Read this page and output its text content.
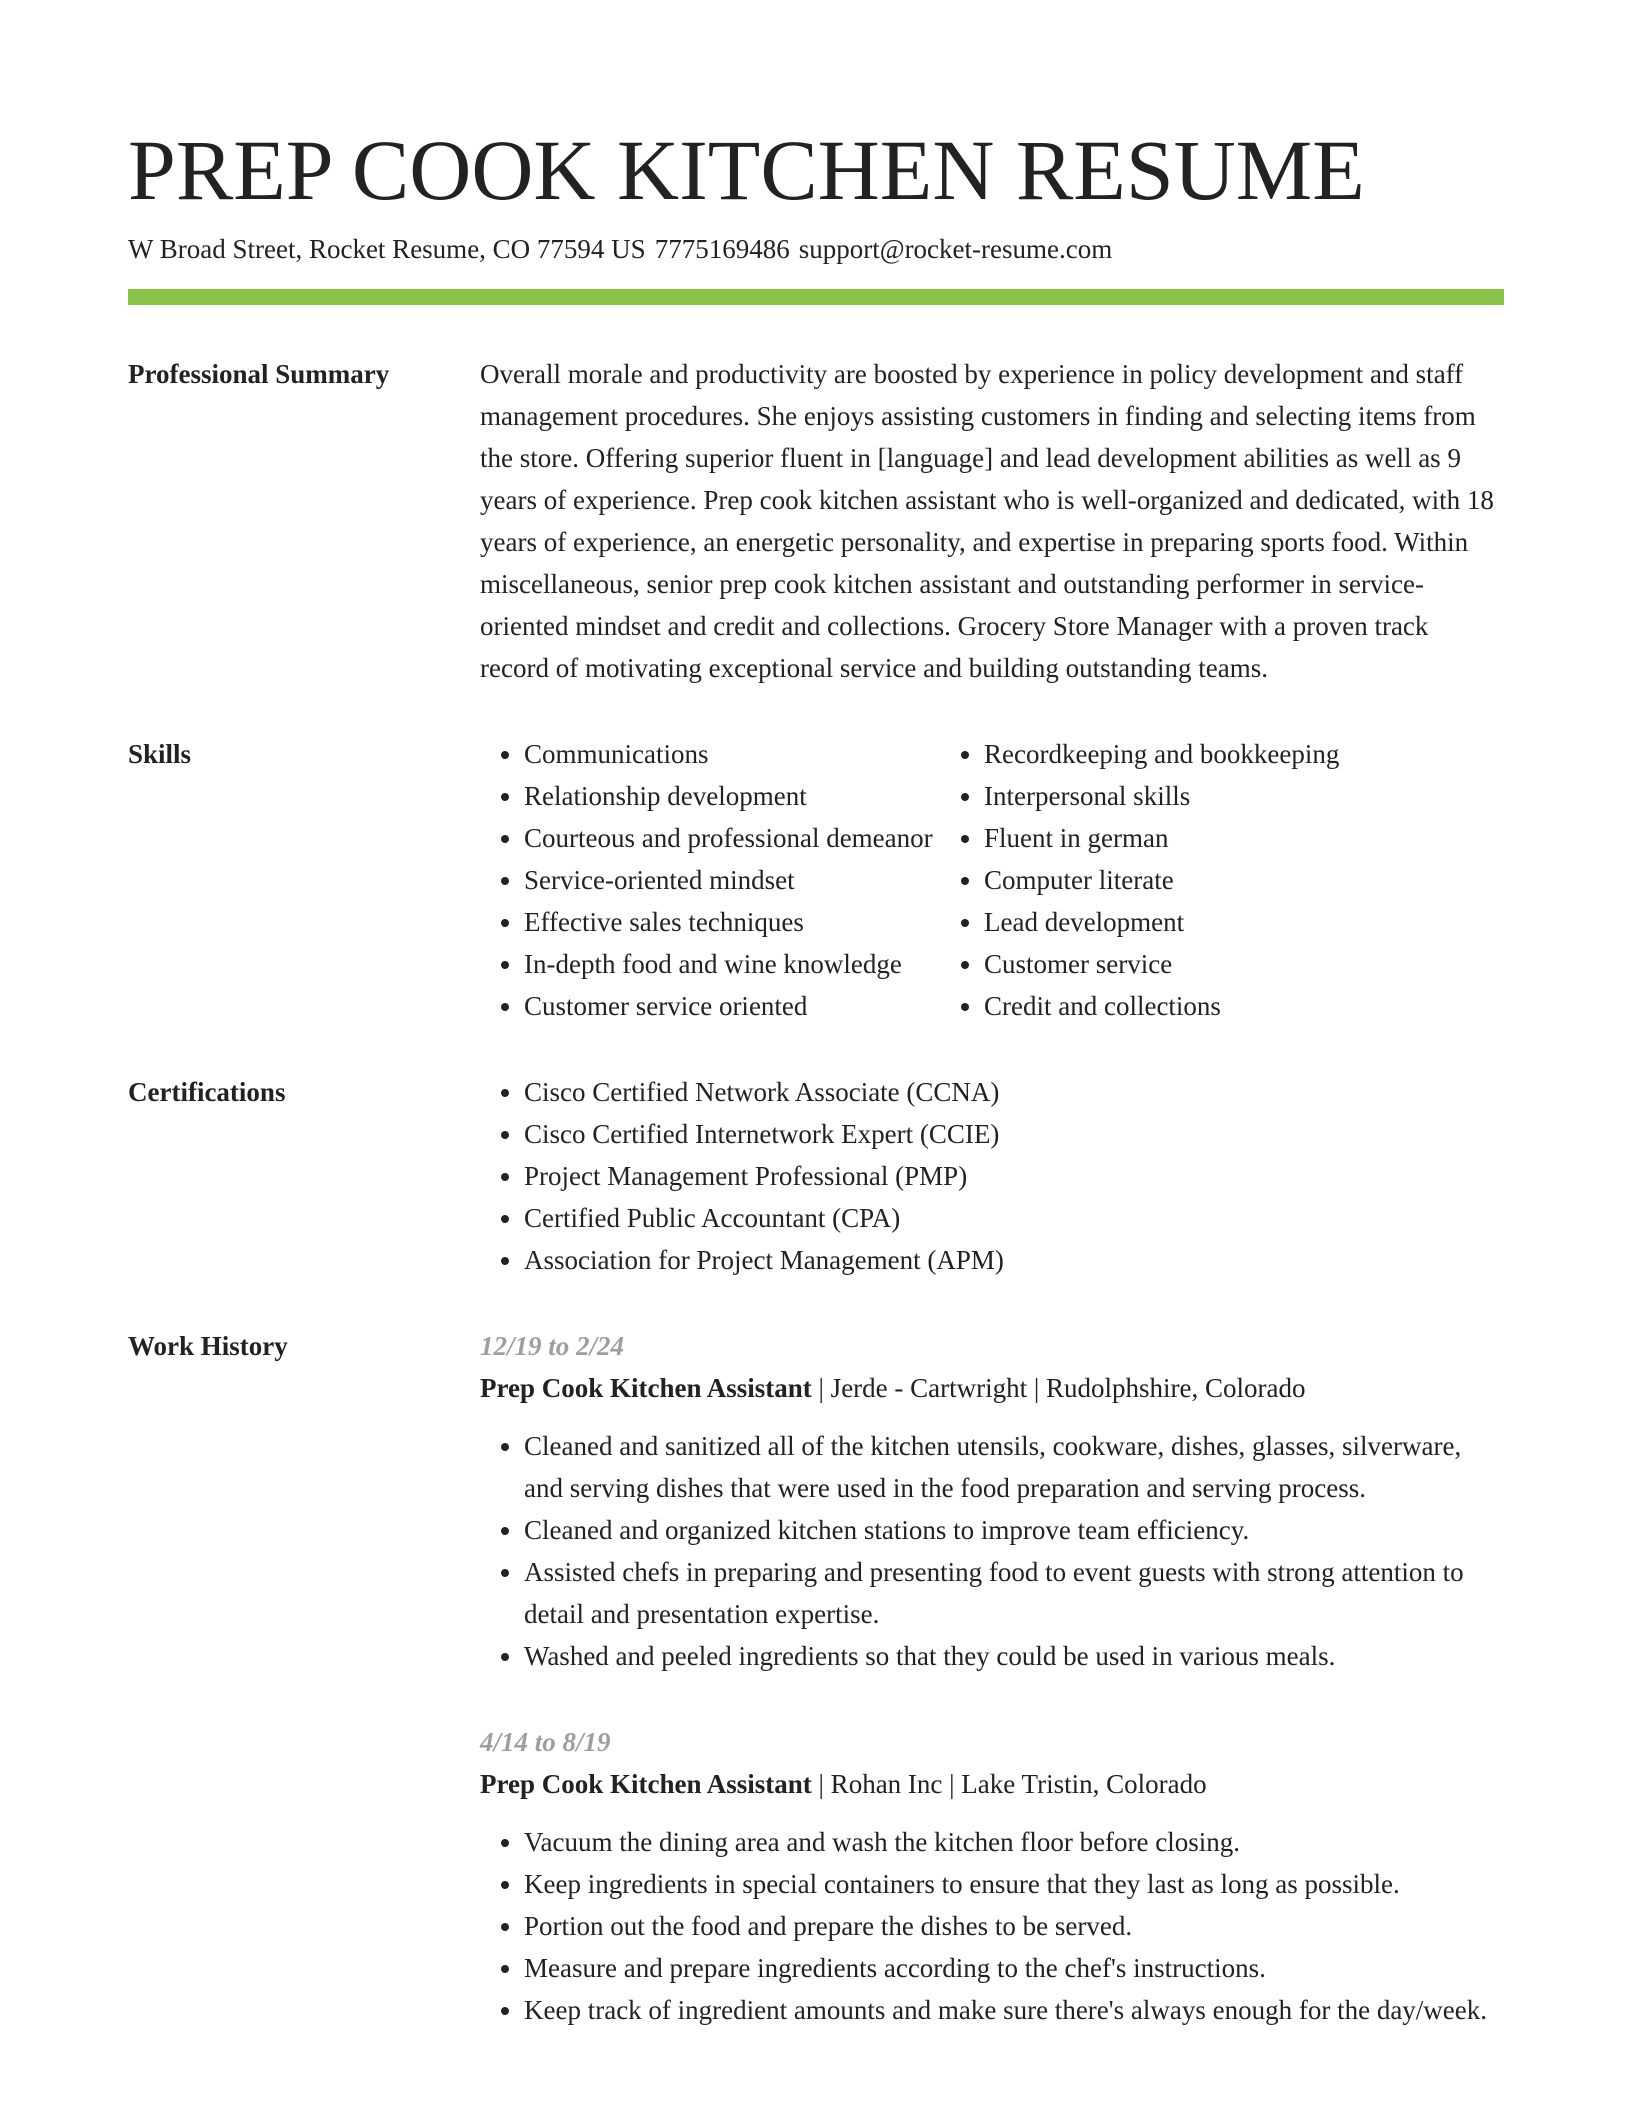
PREP COOK KITCHEN RESUME
W Broad Street, Rocket Resume, CO 77594 US 7775169486 support@rocket-resume.com
Professional Summary	Overall morale and productivity are boosted by experience in policy development and staff management procedures. She enjoys assisting customers in finding and selecting items from the store. Offering superior fluent in [language] and lead development abilities as well as 9 years of experience. Prep cook kitchen assistant who is well-organized and dedicated, with 18 years of experience, an energetic personality, and expertise in preparing sports food. Within miscellaneous, senior prep cook kitchen assistant and outstanding performer in service-oriented mindset and credit and collections. Grocery Store Manager with a proven track record of motivating exceptional service and building outstanding teams.

Skills	• Communications
• Relationship development
• Courteous and professional demeanor
• Service-oriented mindset
• Effective sales techniques
• In-depth food and wine knowledge
• Customer service oriented
• Recordkeeping and bookkeeping
• Interpersonal skills
• Fluent in german
• Computer literate
• Lead development
• Customer service
• Credit and collections
Certifications	• Cisco Certified Network Associate (CCNA)
• Cisco Certified Internetwork Expert (CCIE)
• Project Management Professional (PMP)
• Certified Public Accountant (CPA)
• Association for Project Management (APM)
Work History	12/19 to 2/24
Prep Cook Kitchen Assistant | Jerde - Cartwright | Rudolphshire, Colorado
• Cleaned and sanitized all of the kitchen utensils, cookware, dishes, glasses, silverware, and serving dishes that were used in the food preparation and serving process.
• Cleaned and organized kitchen stations to improve team efficiency.
• Assisted chefs in preparing and presenting food to event guests with strong attention to detail and presentation expertise.
• Washed and peeled ingredients so that they could be used in various meals.
4/14 to 8/19
Prep Cook Kitchen Assistant | Rohan Inc | Lake Tristin, Colorado
• Vacuum the dining area and wash the kitchen floor before closing.
• Keep ingredients in special containers to ensure that they last as long as possible.
• Portion out the food and prepare the dishes to be served.
• Measure and prepare ingredients according to the chef's instructions.
• Keep track of ingredient amounts and make sure there's always enough for the day/week.
